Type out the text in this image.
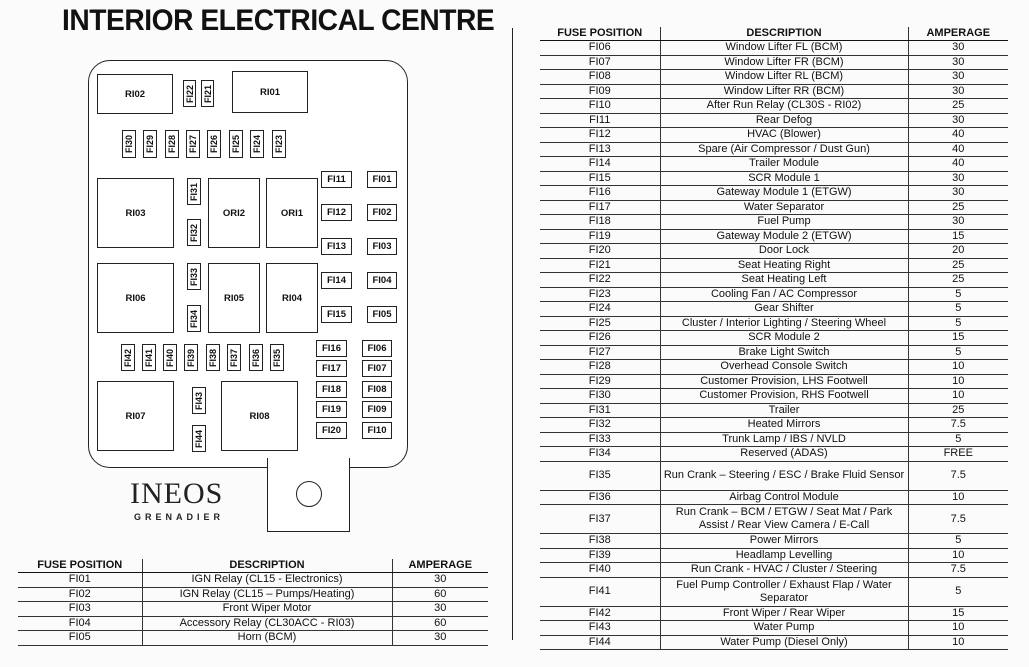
INTERIOR ELECTRICAL CENTRE
RI02	RI01
FI22 FI21
FI30 FI29 FI28 FI27 FI26 FI25 FI24 FI23
RI03	ORI2	ORI1
FI31
FI32
RI06	RI05	RI04
FI33
FI34
FI42 FI41 FI40 FI39 FI38 FI37 FI36 FI35
RI07	RI08
FI43
FI44
FI11	FI01
FI12	FI02
FI13	FI03
FI14	FI04
FI15	FI05
FI16	FI06
FI17	FI07
FI18	FI08
FI19	FI09
FI20	FI10
INEOS
GRENADIER
FUSE POSITION	DESCRIPTION	AMPERAGE
FI01	IGN Relay (CL15 - Electronics)	30
FI02	IGN Relay (CL15 – Pumps/Heating)	60
FI03	Front Wiper Motor	30
FI04	Accessory Relay (CL30ACC - RI03)	60
FI05	Horn (BCM)	30
FUSE POSITION	DESCRIPTION	AMPERAGE
FI06	Window Lifter FL (BCM)	30
FI07	Window Lifter FR (BCM)	30
FI08	Window Lifter RL (BCM)	30
FI09	Window Lifter RR (BCM)	30
FI10	After Run Relay (CL30S - RI02)	25
FI11	Rear Defog	30
FI12	HVAC (Blower)	40
FI13	Spare (Air Compressor / Dust Gun)	40
FI14	Trailer Module	40
FI15	SCR Module 1	30
FI16	Gateway Module 1 (ETGW)	30
FI17	Water Separator	25
FI18	Fuel Pump	30
FI19	Gateway Module 2 (ETGW)	15
FI20	Door Lock	20
FI21	Seat Heating Right	25
FI22	Seat Heating Left	25
FI23	Cooling Fan / AC Compressor	5
FI24	Gear Shifter	5
FI25	Cluster / Interior Lighting / Steering Wheel	5
FI26	SCR Module 2	15
FI27	Brake Light Switch	5
FI28	Overhead Console Switch	10
FI29	Customer Provision, LHS Footwell	10
FI30	Customer Provision, RHS Footwell	10
FI31	Trailer	25
FI32	Heated Mirrors	7.5
FI33	Trunk Lamp / IBS / NVLD	5
FI34	Reserved (ADAS)	FREE
FI35	Run Crank – Steering / ESC / Brake Fluid Sensor	7.5
FI36	Airbag Control Module	10
FI37	Run Crank – BCM / ETGW / Seat Mat / Park Assist / Rear View Camera / E-Call	7.5
FI38	Power Mirrors	5
FI39	Headlamp Levelling	10
FI40	Run Crank - HVAC / Cluster / Steering	7.5
FI41	Fuel Pump Controller / Exhaust Flap / Water Separator	5
FI42	Front Wiper / Rear Wiper	15
FI43	Water Pump	10
FI44	Water Pump (Diesel Only)	10
